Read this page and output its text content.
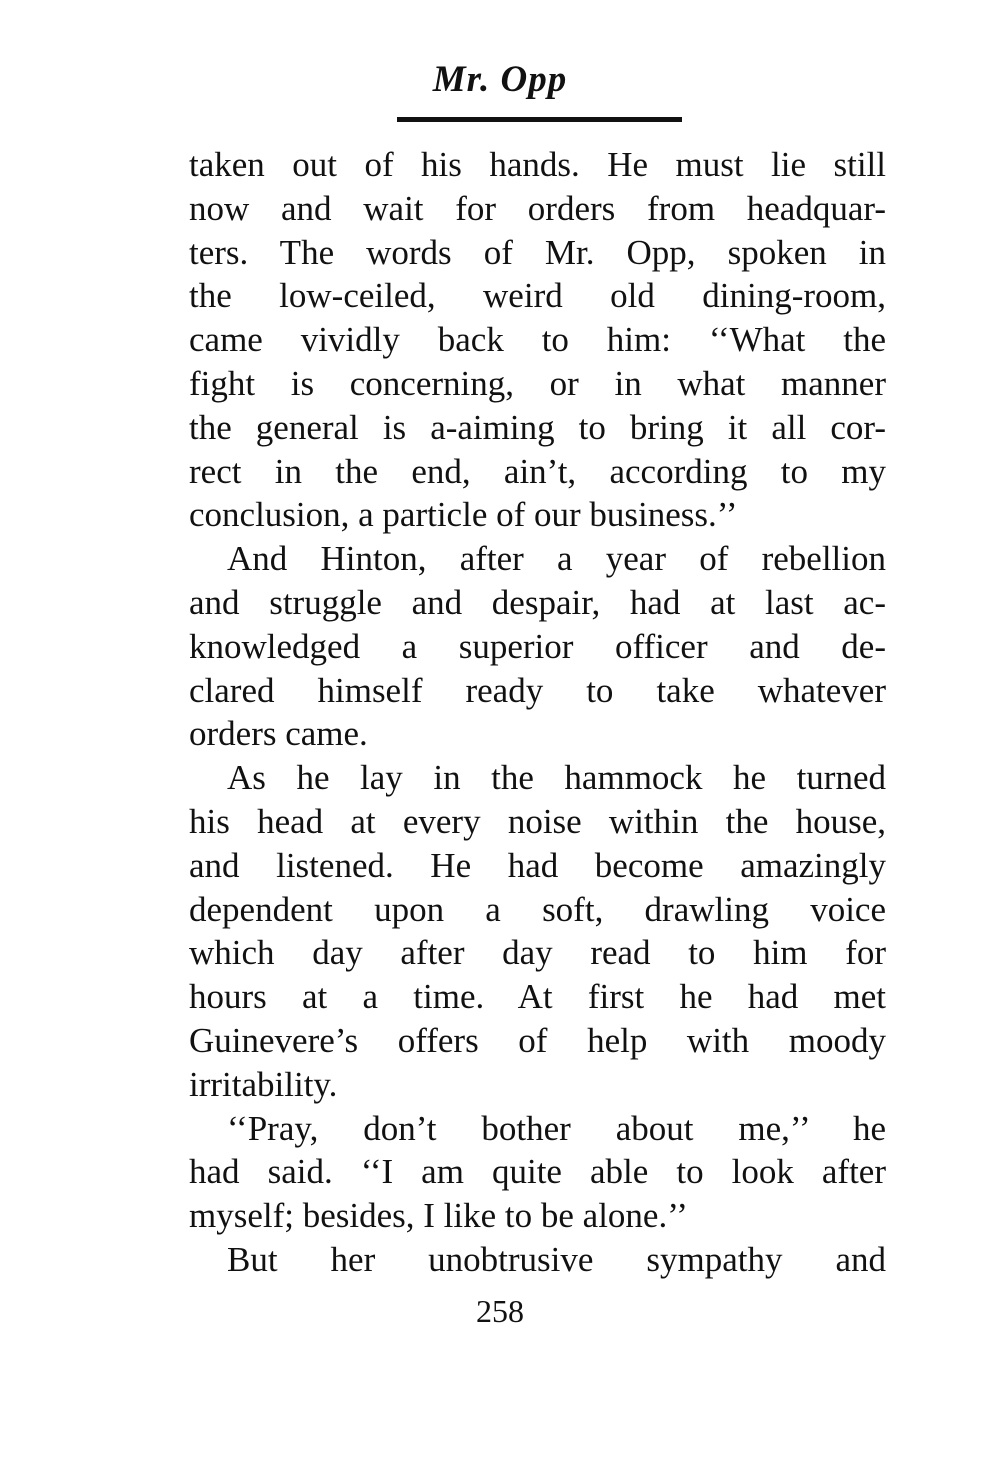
Mr. Opp
taken out of his hands. He must lie still
now and wait for orders from headquar-
ters. The words of Mr. Opp, spoken in
the low-ceiled, weird old dining-room,
came vividly back to him: ‘‘What the
fight is concerning, or in what manner
the general is a-aiming to bring it all cor-
rect in the end, ain’t, according to my
conclusion, a particle of our business.’’
And Hinton, after a year of rebellion
and struggle and despair, had at last ac-
knowledged a superior officer and de-
clared himself ready to take whatever
orders came.
As he lay in the hammock he turned
his head at every noise within the house,
and listened. He had become amazingly
dependent upon a soft, drawling voice
which day after day read to him for
hours at a time. At first he had met
Guinevere’s offers of help with moody
irritability.
‘‘Pray, don’t bother about me,’’ he
had said. ‘‘I am quite able to look after
myself; besides, I like to be alone.’’
But her unobtrusive sympathy and
258
